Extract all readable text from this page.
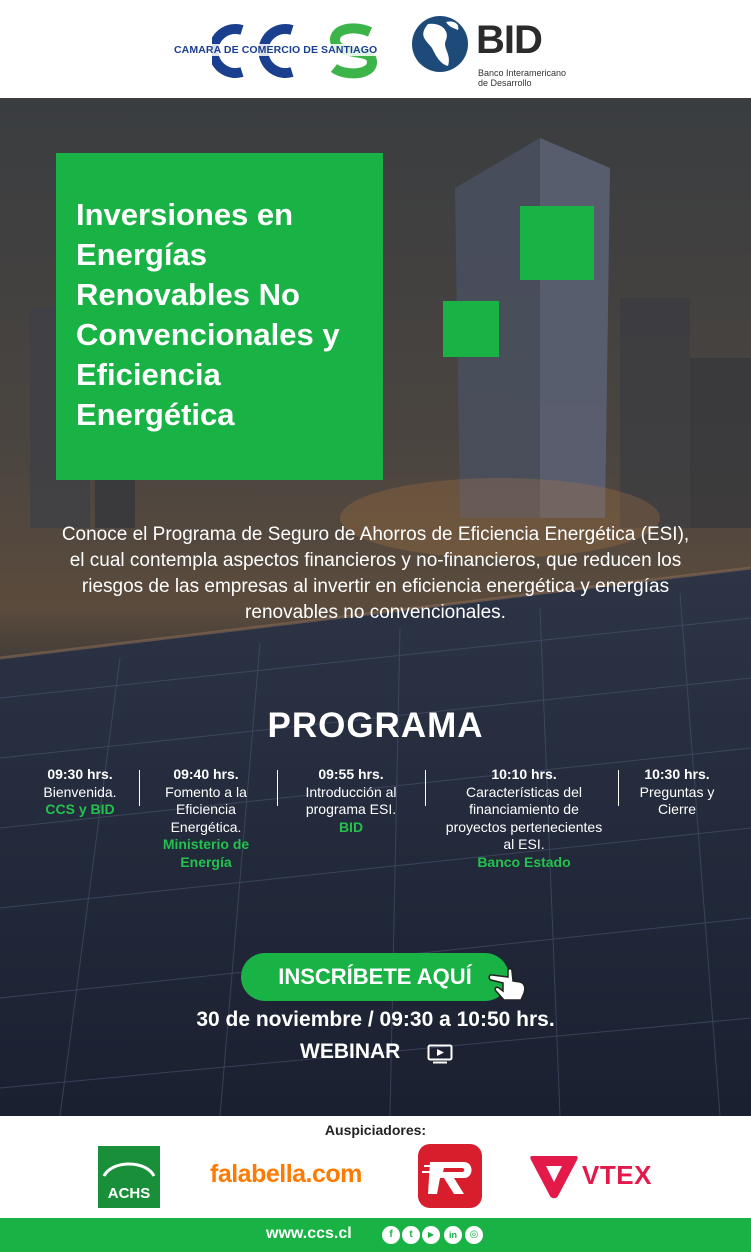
CAMARA DE COMERCIO DE SANTIAGO BID
Banco Interamericano
de Desarrollo
Inversiones en Energías Renovables No Convencionales y Eficiencia Energética

Conoce el Programa de Seguro de Ahorros de Eficiencia Energética (ESI), el cual contempla aspectos financieros y no-financieros, que reducen los riesgos de las empresas al invertir en eficiencia energética y energías renovables no convencionales.

PROGRAMA
09:30 hrs.
Bienvenida.
CCS y BID
09:40 hrs.
Fomento a la Eficiencia Energética.
Ministerio de Energía
09:55 hrs.
Introducción al programa ESI.
BID
10:10 hrs.
Características del financiamiento de proyectos pertenecientes al ESI.
Banco Estado
10:30 hrs.
Preguntas y Cierre
INSCRÍBETE AQUÍ
30 de noviembre / 09:30 a 10:50 hrs.
WEBINAR
Auspiciadores:
ACHS
falabella.com	VTEX
www.ccs.cl	f	t	▶	in	◎
